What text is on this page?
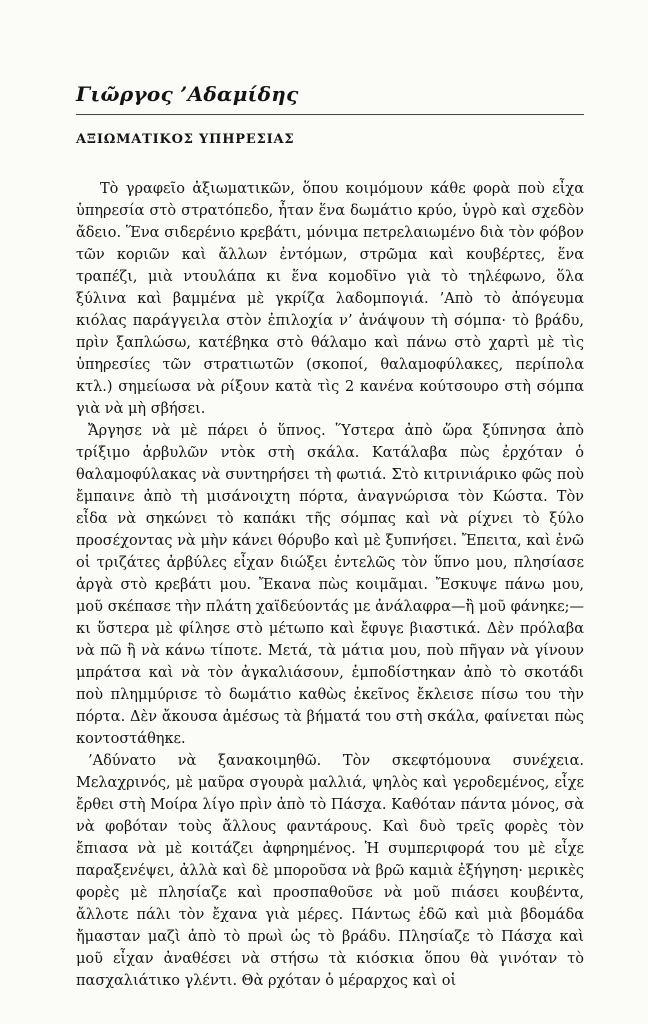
Γιῶργος ’Αδαμίδης
ΑΞΙΩΜΑΤΙΚΟΣ ΥΠΗΡΕΣΙΑΣ

Τὸ γραφεῖο ἀξιωματικῶν, ὅπου κοιμόμουν κάθε φορὰ ποὺ εἶχα ὑπηρεσία στὸ στρατόπεδο, ἦταν ἕνα δωμάτιο κρύο, ὑγρὸ καὶ σχεδὸν ἄδειο. Ἕνα σιδερένιο κρεβάτι, μόνιμα πετρελαιωμένο διὰ τὸν φόβον τῶν κοριῶν καὶ ἄλλων ἐντόμων, στρῶμα καὶ κουβέρτες, ἕνα τραπέζι, μιὰ ντουλάπα κι ἕνα κομοδῖνο γιὰ τὸ τηλέφωνο, ὅλα ξύλινα καὶ βαμμένα μὲ γκρίζα λαδομπογιά. ’Απὸ τὸ ἀπόγευμα κιόλας παράγγειλα στὸν ἐπιλοχία ν’ ἀνάψουν τὴ σόμπα· τὸ βράδυ, πρὶν ξαπλώσω, κατέβηκα στὸ θάλαμο καὶ πάνω στὸ χαρτὶ μὲ τὶς ὑπηρεσίες τῶν στρατιωτῶν (σκοποί, θαλαμοφύλακες, περίπολα κτλ.) σημείωσα νὰ ρίξουν κατὰ τὶς 2 κανένα κούτσουρο στὴ σόμπα γιὰ νὰ μὴ σβήσει.

Ἄργησε νὰ μὲ πάρει ὁ ὕπνος. Ὕστερα ἀπὸ ὥρα ξύπνησα ἀπὸ τρίξιμο ἀρβυλῶν ντὸκ στὴ σκάλα. Κατάλαβα πὼς ἐρχόταν ὁ θαλαμοφύλακας νὰ συντηρήσει τὴ φωτιά. Στὸ κιτρινιάρικο φῶς ποὺ ἔμπαινε ἀπὸ τὴ μισάνοιχτη πόρτα, ἀναγνώρισα τὸν Κώστα. Τὸν εἶδα νὰ σηκώνει τὸ καπάκι τῆς σόμπας καὶ νὰ ρίχνει τὸ ξύλο προσέχοντας νὰ μὴν κάνει θόρυβο καὶ μὲ ξυπνήσει. Ἔπειτα, καὶ ἐνῶ οἱ τριζάτες ἀρβύλες εἶχαν διώξει ἐντελῶς τὸν ὕπνο μου, πλησίασε ἀργὰ στὸ κρεβάτι μου. Ἔκανα πὼς κοιμᾶμαι. Ἔσκυψε πάνω μου, μοῦ σκέπασε τὴν πλάτη χαϊδεύοντάς με ἀνάλαφρα—ἢ μοῦ φάνηκε;—κι ὕστερα μὲ φίλησε στὸ μέτωπο καὶ ἔφυγε βιαστικά. Δὲν πρόλαβα νὰ πῶ ἢ νὰ κάνω τίποτε. Μετά, τὰ μάτια μου, ποὺ πῆγαν νὰ γίνουν μπράτσα καὶ νὰ τὸν ἀγκαλιάσουν, ἐμποδίστηκαν ἀπὸ τὸ σκοτάδι ποὺ πλημμύρισε τὸ δωμάτιο καθὼς ἐκεῖνος ἔκλεισε πίσω του τὴν πόρτα. Δὲν ἄκουσα ἀμέσως τὰ βήματά του στὴ σκάλα, φαίνεται πὼς κοντοστάθηκε.

’Αδύνατο νὰ ξανακοιμηθῶ. Τὸν σκεφτόμουνα συνέχεια. Μελαχρινός, μὲ μαῦρα σγουρὰ μαλλιά, ψηλὸς καὶ γεροδεμένος, εἶχε ἔρθει στὴ Μοίρα λίγο πρὶν ἀπὸ τὸ Πάσχα. Καθόταν πάντα μόνος, σὰ νὰ φοβόταν τοὺς ἄλλους φαντάρους. Καὶ δυὸ τρεῖς φορὲς τὸν ἔπιασα νὰ μὲ κοιτάζει ἀφηρημένος. Ἡ συμπεριφορά του μὲ εἶχε παραξενέψει, ἀλλὰ καὶ δὲ μποροῦσα νὰ βρῶ καμιὰ ἐξήγηση· μερικὲς φορὲς μὲ πλησίαζε καὶ προσπαθοῦσε νὰ μοῦ πιάσει κουβέντα, ἄλλοτε πάλι τὸν ἔχανα γιὰ μέρες. Πάντως ἐδῶ καὶ μιὰ βδομάδα ἤμασταν μαζὶ ἀπὸ τὸ πρωὶ ὡς τὸ βράδυ. Πλησίαζε τὸ Πάσχα καὶ μοῦ εἶχαν ἀναθέσει νὰ στήσω τὰ κιόσκια ὅπου θὰ γινόταν τὸ πασχαλιάτικο γλέντι. Θὰ ρχόταν ὁ μέραρχος καὶ οἱ
